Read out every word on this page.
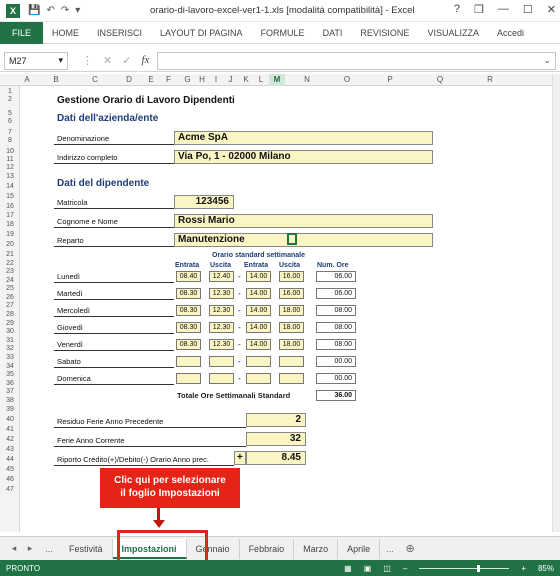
X	💾 ↶ ↷ ▾	orario-di-lavoro-excel-ver1-1.xls [modalità compatibilità] - Excel	? ❒ — ☐ ✕
FILE	HOME	INSERISCI	LAYOUT DI PAGINA	FORMULE	DATI	REVISIONE	VISUALIZZA	Accedi
M27	▾ ⋮ ✕ ✓ fx	⌄
A	B	C	D	E	F	G	H	I	J	K	L	M	N	O	P	Q	R
1
2
5
6
7
8
10
11
12
13
14
15
16
17
18
19
20
21
22
23
24
25
26
27
28
29
30
31
32
33
34
35
36
37
38
39
40
41
42
43
44
45
46
47
Gestione Orario di Lavoro Dipendenti
Dati dell'azienda/ente
Denominazione	Acme SpA
Indirizzo completo	Via Po, 1 - 02000 Milano
Dati del dipendente
Matricola	123456
Cognome e Nome	Rossi Mario
Reparto	Manutenzione
Orario standard settimanale
Entrata Uscita Entrata Uscita Num. Ore
Lunedì	08.40	12.40 -	14.00	16.00	06.00
Martedì	08.30	12.30 -	14.00	16.00	06.00
Mercoledì	08.30	12.30 -	14.00	18.00	08.00
Giovedì	08.30	12.30 -	14.00	18.00	08.00
Venerdì	08.30	12.30 -	14.00	18.00	08.00
Sabato	-	00.00
Domenica	-	00.00
Totale Ore Settimanali Standard	36.00
Residuo Ferie Anno Precedente	2
Ferie Anno Corrente	32
Riporto Credito(+)/Debito(-) Orario Anno prec.	+	8.45
Clic qui per selezionare
il foglio Impostazioni
◂	▸	...	Festività	Impostazioni	Gennaio	Febbraio	Marzo	Aprile	...	⊕
PRONTO	▦ ▣ ◫ –	+ 85%
